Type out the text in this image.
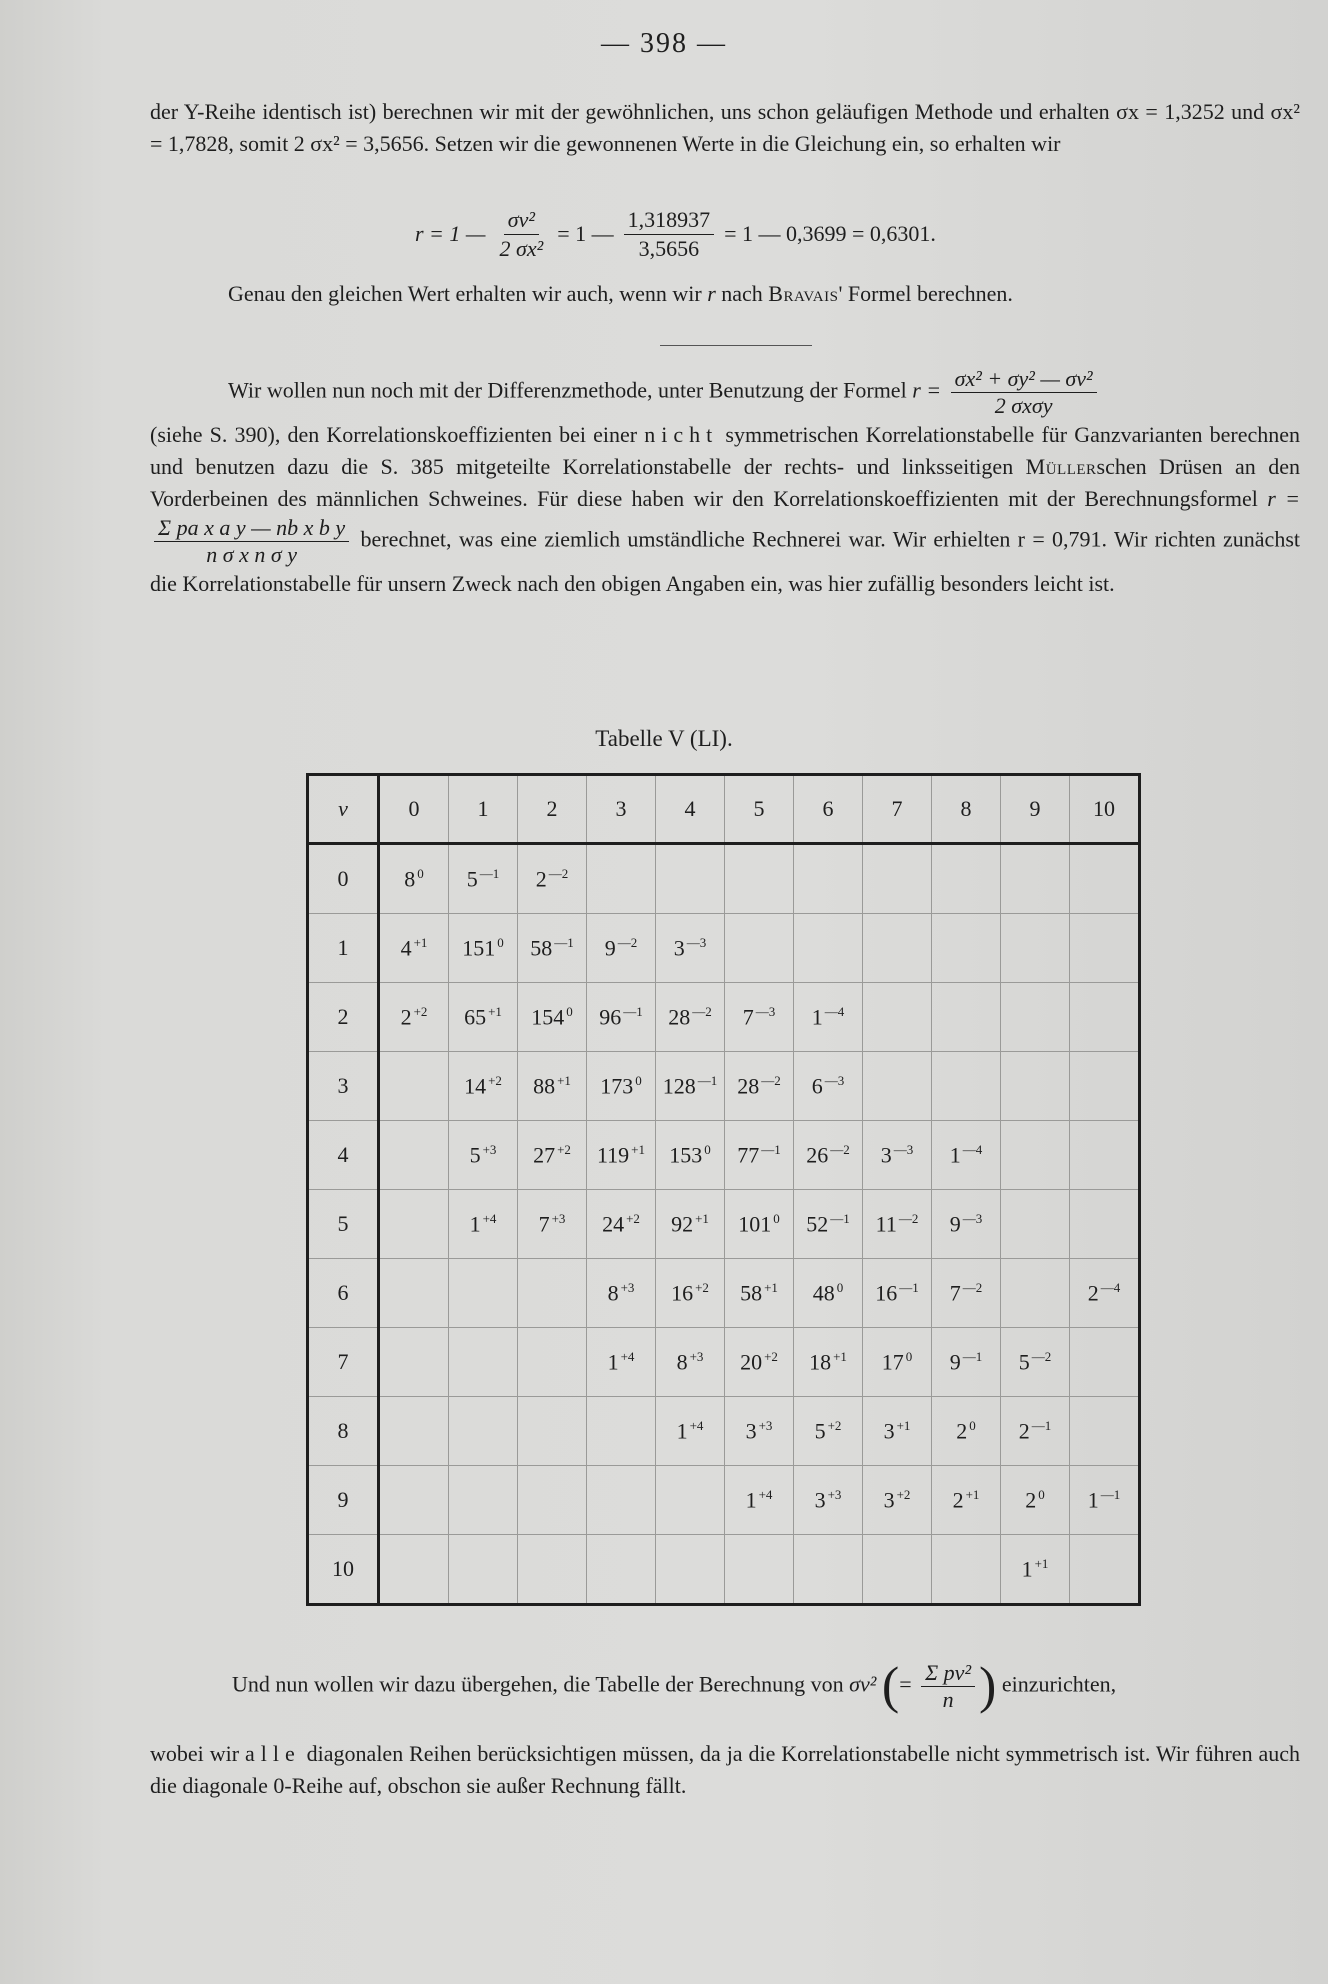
— 398 —
der Y-Reihe identisch ist) berechnen wir mit der gewöhnlichen, uns schon geläufigen Methode und erhalten σx = 1,3252 und σx² = 1,7828, somit 2 σx² = 3,5656. Setzen wir die gewonnenen Werte in die Gleichung ein, so erhalten wir
r = 1 — $\frac{\text{σv²}}{\text{2 σx²}} = 1$ — $\frac{1,318937}{3,5656} = 1$ — 0,3699 = 0,6301.
Genau den gleichen Wert erhalten wir auch, wenn wir r nach Bravais' Formel berechnen.
Wir wollen nun noch mit der Differenzmethode, unter Benutzung der Formel $r = \frac{\text{σx² + σy² — σv²}}{\text{2 σxσy}}$
(siehe S. 390), den Korrelationskoeffizienten bei einer nicht symmetrischen Korrelationstabelle für Ganzvarianten berechnen und benutzen dazu die S. 385 mitgeteilte Korrelationstabelle der rechts- und linksseitigen Müllerschen Drüsen an den Vorderbeinen des männlichen Schweines. Für diese haben wir den Korrelationskoeffizienten mit der Berechnungsformel r =
$\frac{\text{Σ pa x a y — nb x b y}}{\text{n σ x n σ y}}$ berechnet, was eine ziemlich umständliche Rechnerei war. Wir erhielten r = 0,791. Wir richten zunächst die Korrelationstabelle für unsern Zweck nach den obigen Angaben ein, was hier zufällig besonders leicht ist.
Tabelle V (LI).
v	0	1	2	3	4	5	6	7	8	9	10
0	8 $^0$	5 $^{—1}$	2 $^{—2}$								
1	4 $^{+1}$	151 $^0$	58 $^{—1}$	9 $^{—2}$	3 $^{—3}$						
2	2 $^{+2}$	65 $^{+1}$	154 $^0$	96 $^{—1}$	28 $^{—2}$	7 $^{—3}$	1 $^{—4}$				
3		14 $^{+2}$	88 $^{+1}$	173 $^0$	128 $^{—1}$	28 $^{—2}$	6 $^{—3}$				
4		5 $^{+3}$	27 $^{+2}$	119 $^{+1}$	153 $^0$	77 $^{—1}$	26 $^{—2}$	3 $^{—3}$	1 $^{—4}$		
5		1 $^{+4}$	7 $^{+3}$	24 $^{+2}$	92 $^{+1}$	101 $^0$	52 $^{—1}$	11 $^{—2}$	9 $^{—3}$		
6				8 $^{+3}$	16 $^{+2}$	58 $^{+1}$	48 $^0$	16 $^{—1}$	7 $^{—2}$		2 $^{—4}$
7				1 $^{+4}$	8 $^{+3}$	20 $^{+2}$	18 $^{+1}$	17 $^0$	9 $^{—1}$	5 $^{—2}$	
8					1 $^{+4}$	3 $^{+3}$	5 $^{+2}$	3 $^{+1}$	2 $^0$	2 $^{—1}$	
9						1 $^{+4}$	3 $^{+3}$	3 $^{+2}$	2 $^{+1}$	2 $^0$	1 $^{—1}$
10										1 $^{+1}$	
Und nun wollen wir dazu übergehen, die Tabelle der Berechnung von σv² (= $\frac{\text{Σ pv²}}{n}$ ) einzurichten,
wobei wir alle diagonalen Reihen berücksichtigen müssen, da ja die Korrelationstabelle nicht symmetrisch ist. Wir führen auch die diagonale 0-Reihe auf, obschon sie außer Rechnung fällt.
